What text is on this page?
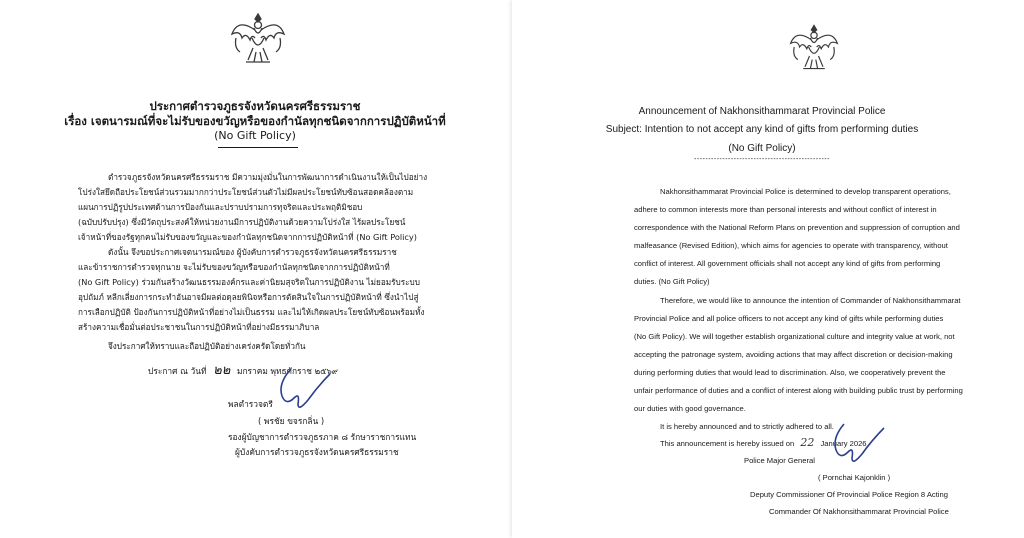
ประกาศตำรวจภูธรจังหวัดนครศรีธรรมราช
เรื่อง เจตนารมณ์ที่จะไม่รับของขวัญหรือของกำนัลทุกชนิดจากการปฏิบัติหน้าที่
(No Gift Policy)
ตำรวจภูธรจังหวัดนครศรีธรรมราช มีความมุ่งมั่นในการพัฒนาการดำเนินงานให้เป็นไปอย่าง
โปร่งใสยึดถือประโยชน์ส่วนรวมมากกว่าประโยชน์ส่วนตัวไม่มีผลประโยชน์ทับซ้อนสอดคล้องตาม
แผนการปฏิรูปประเทศด้านการป้องกันและปราบปรามการทุจริตและประพฤติมิชอบ
(ฉบับปรับปรุง) ซึ่งมีวัตถุประสงค์ให้หน่วยงานมีการปฏิบัติงานด้วยความโปร่งใส ไร้ผลประโยชน์
เจ้าหน้าที่ของรัฐทุกคนไม่รับของขวัญและของกำนัลทุกชนิดจากการปฏิบัติหน้าที่ (No Gift Policy)
ดังนั้น จึงขอประกาศเจตนารมณ์ของ ผู้บังคับการตำรวจภูธรจังหวัดนครศรีธรรมราช
และข้าราชการตำรวจทุกนาย จะไม่รับของขวัญหรือของกำนัลทุกชนิดจากการปฏิบัติหน้าที่
(No Gift Policy) ร่วมกันสร้างวัฒนธรรมองค์กรและค่านิยมสุจริตในการปฏิบัติงาน ไม่ยอมรับระบบ
อุปถัมภ์ หลีกเลี่ยงการกระทำอันอาจมีผลต่อดุลยพินิจหรือการตัดสินใจในการปฏิบัติหน้าที่ ซึ่งนำไปสู่
การเลือกปฏิบัติ ป้องกันการปฏิบัติหน้าที่อย่างไม่เป็นธรรม และไม่ให้เกิดผลประโยชน์ทับซ้อนพร้อมทั้ง
สร้างความเชื่อมั่นต่อประชาชนในการปฏิบัติหน้าที่อย่างมีธรรมาภิบาล
จึงประกาศให้ทราบและถือปฏิบัติอย่างเคร่งครัดโดยทั่วกัน
ประกาศ ณ วันที่ ๒๒ มกราคม พุทธศักราช ๒๕๖๙
พลตำรวจตรี
( พรชัย ขจรกลิ่น )
รองผู้บัญชาการตำรวจภูธรภาค ๘ รักษาราชการแทน
ผู้บังคับการตำรวจภูธรจังหวัดนครศรีธรรมราช
Announcement of Nakhonsithammarat Provincial Police
Subject: Intention to not accept any kind of gifts from performing duties
(No Gift Policy)
------------------------------------------------
Nakhonsithammarat Provincial Police is determined to develop transparent operations,
adhere to common interests more than personal interests and without conflict of interest in
correspondence with the National Reform Plans on prevention and suppression of corruption and
malfeasance (Revised Edition), which aims for agencies to operate with transparency, without
conflict of interest. All government officials shall not accept any kind of gifts from performing
duties. (No Gift Policy)
Therefore, we would like to announce the intention of Commander of Nakhonsithammarat
Provincial Police and all police officers to not accept any kind of gifts while performing duties
(No Gift Policy). We will together establish organizational culture and integrity value at work, not
accepting the patronage system, avoiding actions that may affect discretion or decision-making
during performing duties that would lead to discrimination. Also, we cooperatively prevent the
unfair performance of duties and a conflict of interest along with building public trust by performing
our duties with good governance.
It is hereby announced and to strictly adhered to all.
This announcement is hereby issued on 22 January 2026
Police Major General
( Pornchai Kajonklin )
Deputy Commissioner Of Provincial Police Region 8 Acting
Commander Of Nakhonsithammarat Provincial Police
